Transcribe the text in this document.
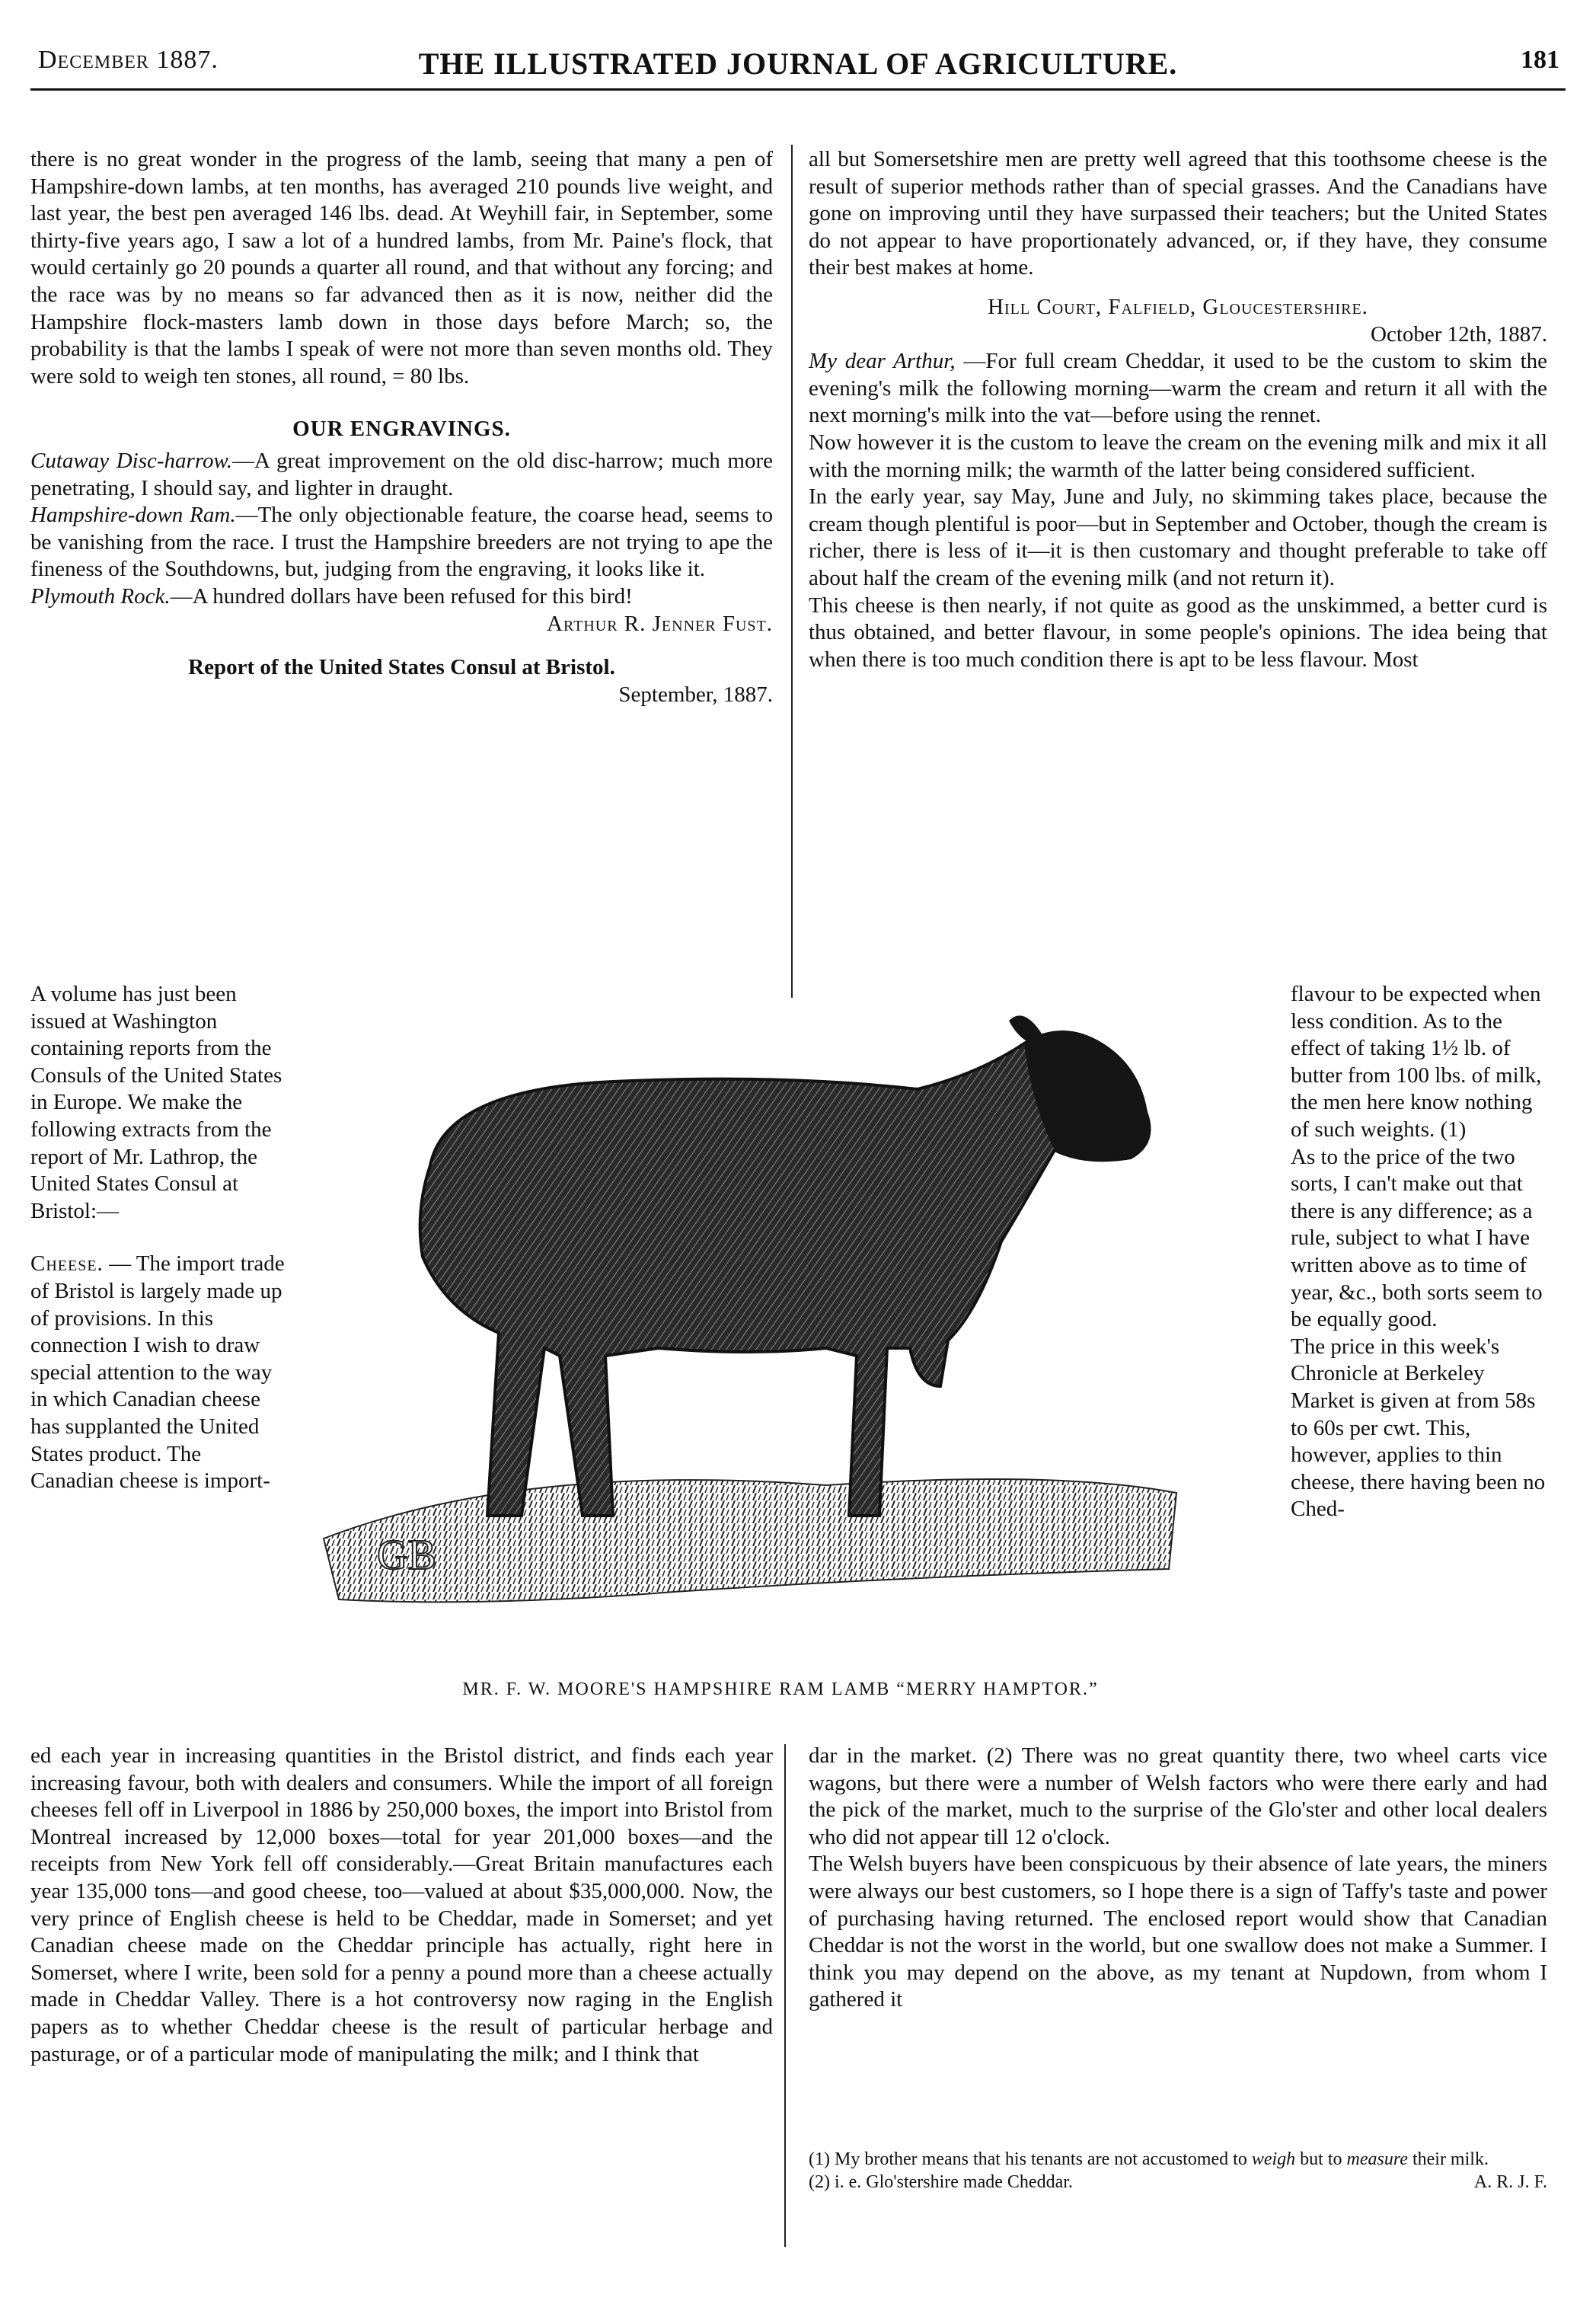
December 1887.	THE ILLUSTRATED JOURNAL OF AGRICULTURE.	181

there is no great wonder in the progress of the lamb, seeing that many a pen of Hampshire-down lambs, at ten months, has averaged 210 pounds live weight, and last year, the best pen averaged 146 lbs. dead. At Weyhill fair, in September, some thirty-five years ago, I saw a lot of a hundred lambs, from Mr. Paine's flock, that would certainly go 20 pounds a quarter all round, and that without any forcing; and the race was by no means so far advanced then as it is now, neither did the Hampshire flock-masters lamb down in those days before March; so, the probability is that the lambs I speak of were not more than seven months old. They were sold to weigh ten stones, all round, = 80 lbs.

OUR ENGRAVINGS.

Cutaway Disc-harrow.—A great improvement on the old disc-harrow; much more penetrating, I should say, and lighter in draught.

Hampshire-down Ram.—The only objectionable feature, the coarse head, seems to be vanishing from the race. I trust the Hampshire breeders are not trying to ape the fineness of the Southdowns, but, judging from the engraving, it looks like it.

Plymouth Rock.—A hundred dollars have been refused for this bird!

Arthur R. Jenner Fust.

Report of the United States Consul at Bristol.

September, 1887.

A volume has just been issued at Washington containing reports from the Consuls of the United States in Europe. We make the following extracts from the report of Mr. Lathrop, the United States Consul at Bristol:—

Cheese. — The import trade of Bristol is largely made up of provisions. In this connection I wish to draw special attention to the way in which Canadian cheese has supplanted the United States product. The Canadian cheese is import-

all but Somersetshire men are pretty well agreed that this toothsome cheese is the result of superior methods rather than of special grasses. And the Canadians have gone on improving until they have surpassed their teachers; but the United States do not appear to have proportionately advanced, or, if they have, they consume their best makes at home.

Hill Court, Falfield, Gloucestershire.

October 12th, 1887.

My dear Arthur, —For full cream Cheddar, it used to be the custom to skim the evening's milk the following morning—warm the cream and return it all with the next morning's milk into the vat—before using the rennet.

Now however it is the custom to leave the cream on the evening milk and mix it all with the morning milk; the warmth of the latter being considered sufficient.

In the early year, say May, June and July, no skimming takes place, because the cream though plentiful is poor—but in September and October, though the cream is richer, there is less of it—it is then customary and thought preferable to take off about half the cream of the evening milk (and not return it).

This cheese is then nearly, if not quite as good as the unskimmed, a better curd is thus obtained, and better flavour, in some people's opinions. The idea being that when there is too much condition there is apt to be less flavour. Most

flavour to be expected when less condition. As to the effect of taking 1½ lb. of butter from 100 lbs. of milk, the men here know nothing of such weights. (1)

As to the price of the two sorts, I can't make out that there is any difference; as a rule, subject to what I have written above as to time of year, &c., both sorts seem to be equally good.

The price in this week's Chronicle at Berkeley Market is given at from 58s to 60s per cwt. This, however, applies to thin cheese, there having been no Ched-

GB
MR. F. W. MOORE'S HAMPSHIRE RAM LAMB “MERRY HAMPTOR.”

ed each year in increasing quantities in the Bristol district, and finds each year increasing favour, both with dealers and consumers. While the import of all foreign cheeses fell off in Liverpool in 1886 by 250,000 boxes, the import into Bristol from Montreal increased by 12,000 boxes—total for year 201,000 boxes—and the receipts from New York fell off considerably.—Great Britain manufactures each year 135,000 tons—and good cheese, too—valued at about $35,000,000. Now, the very prince of English cheese is held to be Cheddar, made in Somerset; and yet Canadian cheese made on the Cheddar principle has actually, right here in Somerset, where I write, been sold for a penny a pound more than a cheese actually made in Cheddar Valley. There is a hot controversy now raging in the English papers as to whether Cheddar cheese is the result of particular herbage and pasturage, or of a particular mode of manipulating the milk; and I think that

dar in the market. (2) There was no great quantity there, two wheel carts vice wagons, but there were a number of Welsh factors who were there early and had the pick of the market, much to the surprise of the Glo'ster and other local dealers who did not appear till 12 o'clock.

The Welsh buyers have been conspicuous by their absence of late years, the miners were always our best customers, so I hope there is a sign of Taffy's taste and power of purchasing having returned. The enclosed report would show that Canadian Cheddar is not the worst in the world, but one swallow does not make a Summer. I think you may depend on the above, as my tenant at Nupdown, from whom I gathered it

(1) My brother means that his tenants are not accustomed to weigh but to measure their milk.
A. R. J. F.

(2) i. e. Glo'stershire made Cheddar.
